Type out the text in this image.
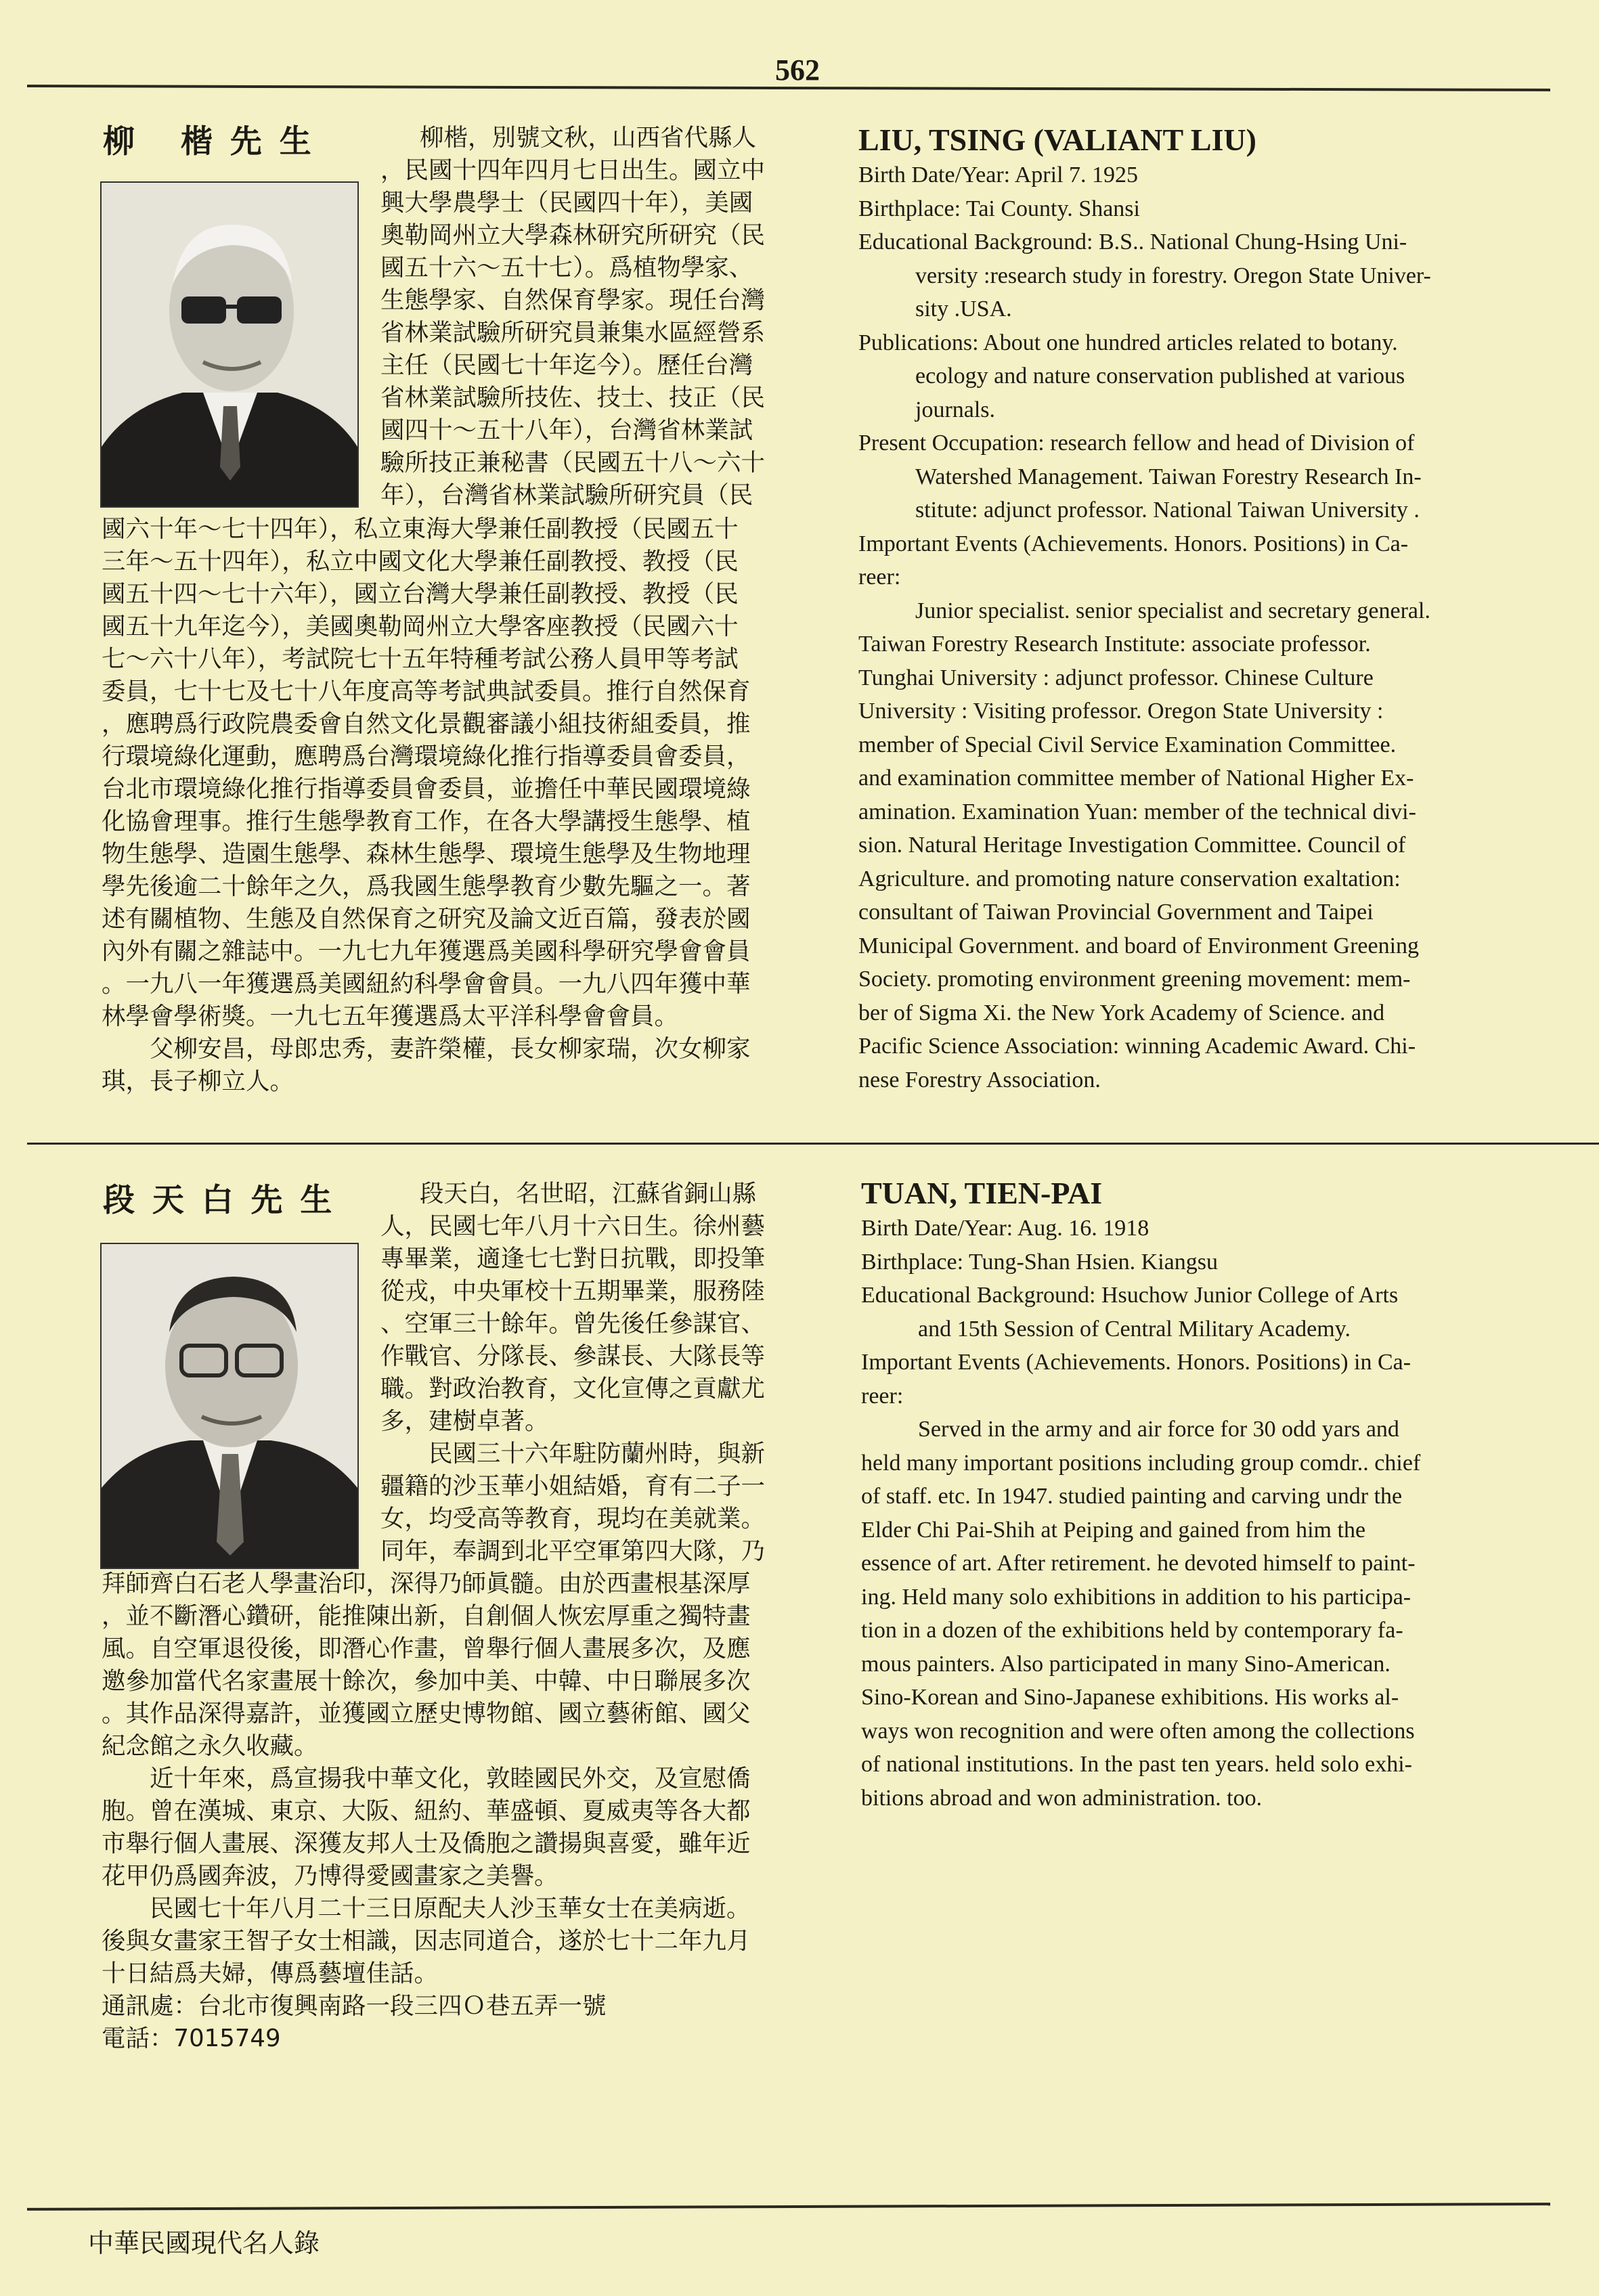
562
柳 楷先生	柳楷，別號文秋，山西省代縣人

，民國十四年四月七日出生。國立中

興大學農學士（民國四十年），美國

奧勒岡州立大學森林研究所研究（民

國五十六～五十七）。爲植物學家、

生態學家、自然保育學家。現任台灣

省林業試驗所研究員兼集水區經營系

主任（民國七十年迄今）。歷任台灣

省林業試驗所技佐、技士、技正（民

國四十～五十八年），台灣省林業試

驗所技正兼秘書（民國五十八～六十

年），台灣省林業試驗所研究員（民

國六十年～七十四年），私立東海大學兼任副教授（民國五十

三年～五十四年），私立中國文化大學兼任副教授、教授（民

國五十四～七十六年），國立台灣大學兼任副教授、教授（民

國五十九年迄今），美國奧勒岡州立大學客座教授（民國六十

七～六十八年），考試院七十五年特種考試公務人員甲等考試

委員，七十七及七十八年度高等考試典試委員。推行自然保育

，應聘爲行政院農委會自然文化景觀審議小組技術組委員，推

行環境綠化運動，應聘爲台灣環境綠化推行指導委員會委員，

台北市環境綠化推行指導委員會委員，並擔任中華民國環境綠

化協會理事。推行生態學教育工作，在各大學講授生態學、植

物生態學、造園生態學、森林生態學、環境生態學及生物地理

學先後逾二十餘年之久，爲我國生態學教育少數先驅之一。著

述有關植物、生態及自然保育之研究及論文近百篇，發表於國

內外有關之雜誌中。一九七九年獲選爲美國科學研究學會會員

。一九八一年獲選爲美國紐約科學會會員。一九八四年獲中華

林學會學術獎。一九七五年獲選爲太平洋科學會會員。

　　父柳安昌，母郎忠秀，妻許榮權，長女柳家瑞，次女柳家

琪，長子柳立人。

LIU, TSING (VALIANT LIU)
Birth Date/Year: April 7. 1925
Birthplace: Tai County. Shansi
Educational Background: B.S.. National Chung-Hsing Uni-
versity :research study in forestry. Oregon State Univer-
sity .USA.
Publications: About one hundred articles related to botany.
ecology and nature conservation published at various
journals.
Present Occupation: research fellow and head of Division of
Watershed Management. Taiwan Forestry Research In-
stitute: adjunct professor. National Taiwan University .
Important Events (Achievements. Honors. Positions) in Ca-
reer:
Junior specialist. senior specialist and secretary general.
Taiwan Forestry Research Institute: associate professor.
Tunghai University : adjunct professor. Chinese Culture
University : Visiting professor. Oregon State University :
member of Special Civil Service Examination Committee.
and examination committee member of National Higher Ex-
amination. Examination Yuan: member of the technical divi-
sion. Natural Heritage Investigation Committee. Council of
Agriculture. and promoting nature conservation exaltation:
consultant of Taiwan Provincial Government and Taipei
Municipal Government. and board of Environment Greening
Society. promoting environment greening movement: mem-
ber of Sigma Xi. the New York Academy of Science. and
Pacific Science Association: winning Academic Award. Chi-
nese Forestry Association.
段天白先生	段天白，名世昭，江蘇省銅山縣

人，民國七年八月十六日生。徐州藝

專畢業，適逢七七對日抗戰，即投筆

從戎，中央軍校十五期畢業，服務陸

、空軍三十餘年。曾先後任參謀官、

作戰官、分隊長、參謀長、大隊長等

職。對政治教育，文化宣傳之貢獻尤

多，建樹卓著。

　　民國三十六年駐防蘭州時，與新

疆籍的沙玉華小姐結婚，育有二子一

女，均受高等教育，現均在美就業。

同年，奉調到北平空軍第四大隊，乃

拜師齊白石老人學畫治印，深得乃師眞髓。由於西畫根基深厚

，並不斷潛心鑽研，能推陳出新，自創個人恢宏厚重之獨特畫

風。自空軍退役後，即潛心作畫，曾舉行個人畫展多次，及應

邀參加當代名家畫展十餘次，參加中美、中韓、中日聯展多次

。其作品深得嘉許，並獲國立歷史博物館、國立藝術館、國父

紀念館之永久收藏。

　　近十年來，爲宣揚我中華文化，敦睦國民外交，及宣慰僑

胞。曾在漢城、東京、大阪、紐約、華盛頓、夏威夷等各大都

市舉行個人畫展、深獲友邦人士及僑胞之讚揚與喜愛，雖年近

花甲仍爲國奔波，乃博得愛國畫家之美譽。

　　民國七十年八月二十三日原配夫人沙玉華女士在美病逝。

後與女畫家王智子女士相識，因志同道合，遂於七十二年九月

十日結爲夫婦，傳爲藝壇佳話。

通訊處：台北市復興南路一段三四Ｏ巷五弄一號

電話：7015749

TUAN, TIEN-PAI
Birth Date/Year: Aug. 16. 1918
Birthplace: Tung-Shan Hsien. Kiangsu
Educational Background: Hsuchow Junior College of Arts
and 15th Session of Central Military Academy.
Important Events (Achievements. Honors. Positions) in Ca-
reer:
Served in the army and air force for 30 odd yars and
held many important positions including group comdr.. chief
of staff. etc. In 1947. studied painting and carving undr the
Elder Chi Pai-Shih at Peiping and gained from him the
essence of art. After retirement. he devoted himself to paint-
ing. Held many solo exhibitions in addition to his participa-
tion in a dozen of the exhibitions held by contemporary fa-
mous painters. Also participated in many Sino-American.
Sino-Korean and Sino-Japanese exhibitions. His works al-
ways won recognition and were often among the collections
of national institutions. In the past ten years. held solo exhi-
bitions abroad and won administration. too.
中華民國現代名人錄
